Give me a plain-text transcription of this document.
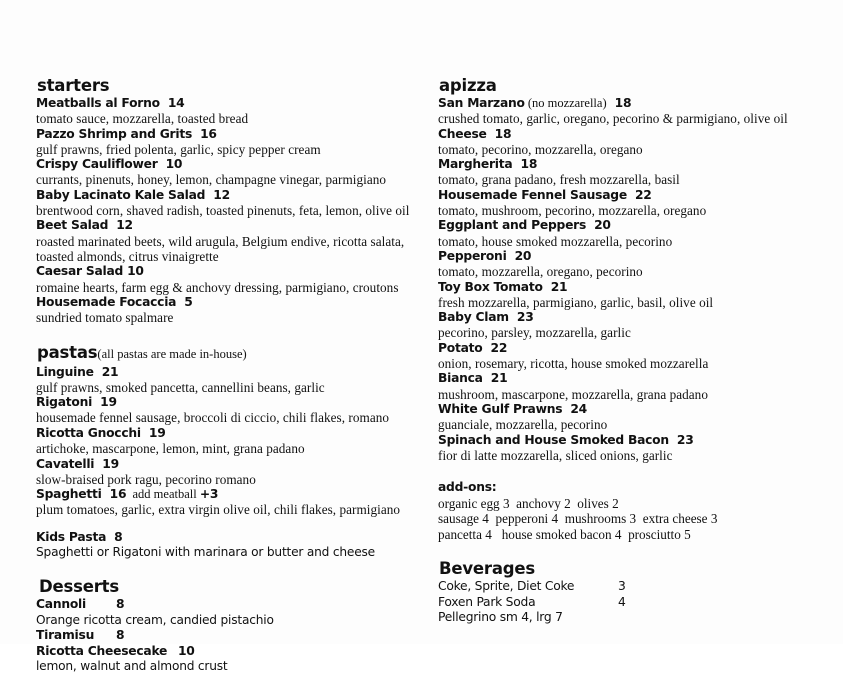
starters

Meatballs al Forno  14

tomato sauce, mozzarella, toasted bread

Pazzo Shrimp and Grits  16

gulf prawns, fried polenta, garlic, spicy pepper cream

Crispy Cauliflower  10

currants, pinenuts, honey, lemon, champagne vinegar, parmigiano

Baby Lacinato Kale Salad  12

brentwood corn, shaved radish, toasted pinenuts, feta, lemon, olive oil

Beet Salad  12

roasted marinated beets, wild arugula, Belgium endive, ricotta salata, toasted almonds, citrus vinaigrette

Caesar Salad 10

romaine hearts, farm egg & anchovy dressing, parmigiano, croutons

Housemade Focaccia  5

sundried tomato spalmare

pastas(all pastas are made in-house)

Linguine  21

gulf prawns, smoked pancetta, cannellini beans, garlic

Rigatoni  19

housemade fennel sausage, broccoli di ciccio, chili flakes, romano

Ricotta Gnocchi  19

artichoke, mascarpone, lemon, mint, grana padano

Cavatelli  19

slow-braised pork ragu, pecorino romano

Spaghetti  16 add meatball +3

plum tomatoes, garlic, extra virgin olive oil, chili flakes, parmigiano

Kids Pasta  8

Spaghetti or Rigatoni with marinara or butter and cheese

Desserts

Cannoli 8

Orange ricotta cream, candied pistachio

Tiramisu 8

Ricotta Cheesecake 10

lemon, walnut and almond crust

apizza

San Marzano (no mozzarella)  18

crushed tomato, garlic, oregano, pecorino & parmigiano, olive oil

Cheese  18

tomato, pecorino, mozzarella, oregano

Margherita  18

tomato, grana padano, fresh mozzarella, basil

Housemade Fennel Sausage  22

tomato, mushroom, pecorino, mozzarella, oregano

Eggplant and Peppers  20

tomato, house smoked mozzarella, pecorino

Pepperoni  20

tomato, mozzarella, oregano, pecorino

Toy Box Tomato  21

fresh mozzarella, parmigiano, garlic, basil, olive oil

Baby Clam  23

pecorino, parsley, mozzarella, garlic

Potato  22

onion, rosemary, ricotta, house smoked mozzarella

Bianca  21

mushroom, mascarpone, mozzarella, grana padano

White Gulf Prawns  24

guanciale, mozzarella, pecorino

Spinach and House Smoked Bacon  23

fior di latte mozzarella, sliced onions, garlic

add-ons:

organic egg 3  anchovy 2  olives 2

sausage 4  pepperoni 4  mushrooms 3  extra cheese 3

pancetta 4   house smoked bacon 4  prosciutto 5

Beverages

Coke, Sprite, Diet Coke	3

Foxen Park Soda	4

Pellegrino sm 4, lrg 7
